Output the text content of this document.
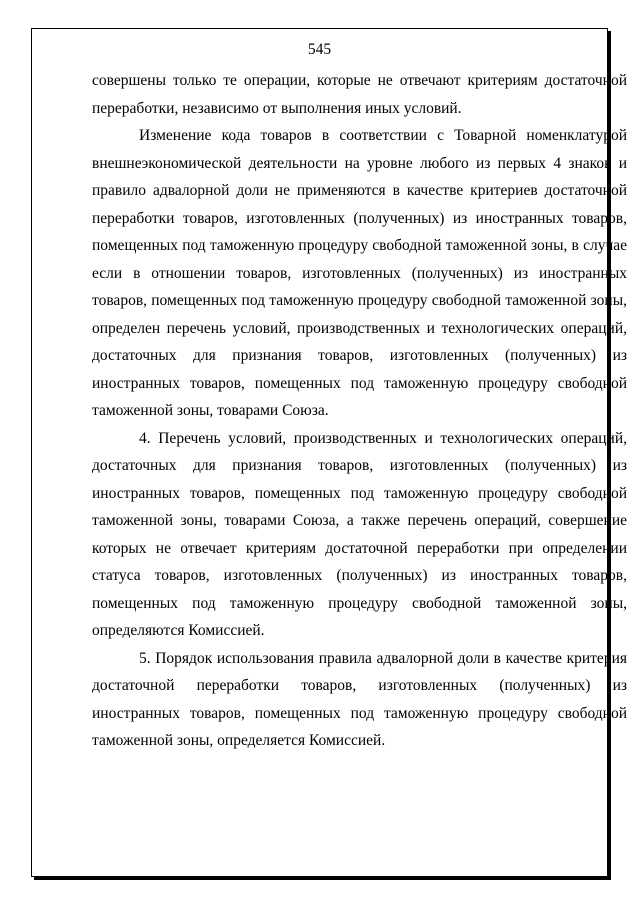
545

совершены только те операции, которые не отвечают критериям достаточной переработки, независимо от выполнения иных условий.

Изменение кода товаров в соответствии с Товарной номенклатурой внешнеэкономической деятельности на уровне любого из первых 4 знаков и правило адвалорной доли не применяются в качестве критериев достаточной переработки товаров, изготовленных (полученных) из иностранных товаров, помещенных под таможенную процедуру свободной таможенной зоны, в случае если в отношении товаров, изготовленных (полученных) из иностранных товаров, помещенных под таможенную процедуру свободной таможенной зоны, определен перечень условий, производственных и технологических операций, достаточных для признания товаров, изготовленных (полученных) из иностранных товаров, помещенных под таможенную процедуру свободной таможенной зоны, товарами Союза.

4. Перечень условий, производственных и технологических операций, достаточных для признания товаров, изготовленных (полученных) из иностранных товаров, помещенных под таможенную процедуру свободной таможенной зоны, товарами Союза, а также перечень операций, совершение которых не отвечает критериям достаточной переработки при определении статуса товаров, изготовленных (полученных) из иностранных товаров, помещенных под таможенную процедуру свободной таможенной зоны, определяются Комиссией.

5. Порядок использования правила адвалорной доли в качестве критерия достаточной переработки товаров, изготовленных (полученных) из иностранных товаров, помещенных под таможенную процедуру свободной таможенной зоны, определяется Комиссией.
